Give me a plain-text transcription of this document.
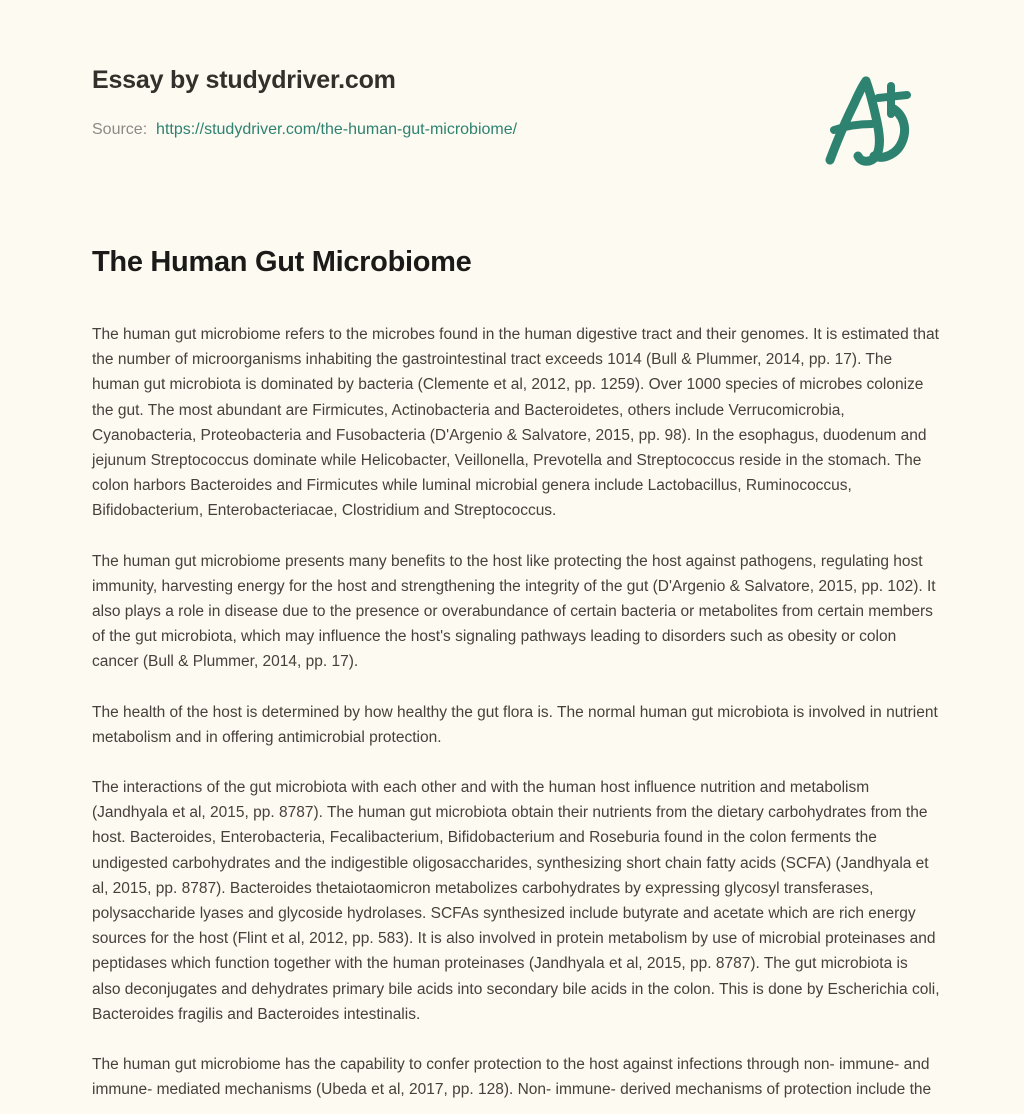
Essay by studydriver.com
Source: https://studydriver.com/the-human-gut-microbiome/
The Human Gut Microbiome

The human gut microbiome refers to the microbes found in the human digestive tract and their genomes. It is estimated that the number of microorganisms inhabiting the gastrointestinal tract exceeds 1014 (Bull & Plummer, 2014, pp. 17). The human gut microbiota is dominated by bacteria (Clemente et al, 2012, pp. 1259). Over 1000 species of microbes colonize the gut. The most abundant are Firmicutes, Actinobacteria and Bacteroidetes, others include Verrucomicrobia, Cyanobacteria, Proteobacteria and Fusobacteria (D'Argenio & Salvatore, 2015, pp. 98). In the esophagus, duodenum and jejunum Streptococcus dominate while Helicobacter, Veillonella, Prevotella and Streptococcus reside in the stomach. The colon harbors Bacteroides and Firmicutes while luminal microbial genera include Lactobacillus, Ruminococcus, Bifidobacterium, Enterobacteriacae, Clostridium and Streptococcus.

The human gut microbiome presents many benefits to the host like protecting the host against pathogens, regulating host immunity, harvesting energy for the host and strengthening the integrity of the gut (D'Argenio & Salvatore, 2015, pp. 102). It also plays a role in disease due to the presence or overabundance of certain bacteria or metabolites from certain members of the gut microbiota, which may influence the host's signaling pathways leading to disorders such as obesity or colon cancer (Bull & Plummer, 2014, pp. 17).

The health of the host is determined by how healthy the gut flora is. The normal human gut microbiota is involved in nutrient metabolism and in offering antimicrobial protection.

The interactions of the gut microbiota with each other and with the human host influence nutrition and metabolism (Jandhyala et al, 2015, pp. 8787). The human gut microbiota obtain their nutrients from the dietary carbohydrates from the host. Bacteroides, Enterobacteria, Fecalibacterium, Bifidobacterium and Roseburia found in the colon ferments the undigested carbohydrates and the indigestible oligosaccharides, synthesizing short chain fatty acids (SCFA) (Jandhyala et al, 2015, pp. 8787). Bacteroides thetaiotaomicron metabolizes carbohydrates by expressing glycosyl transferases, polysaccharide lyases and glycoside hydrolases. SCFAs synthesized include butyrate and acetate which are rich energy sources for the host (Flint et al, 2012, pp. 583). It is also involved in protein metabolism by use of microbial proteinases and peptidases which function together with the human proteinases (Jandhyala et al, 2015, pp. 8787). The gut microbiota is also deconjugates and dehydrates primary bile acids into secondary bile acids in the colon. This is done by Escherichia coli, Bacteroides fragilis and Bacteroides intestinalis.

The human gut microbiome has the capability to confer protection to the host against infections through non- immune- and immune- mediated mechanisms (Ubeda et al, 2017, pp. 128). Non- immune- derived mechanisms of protection include the
